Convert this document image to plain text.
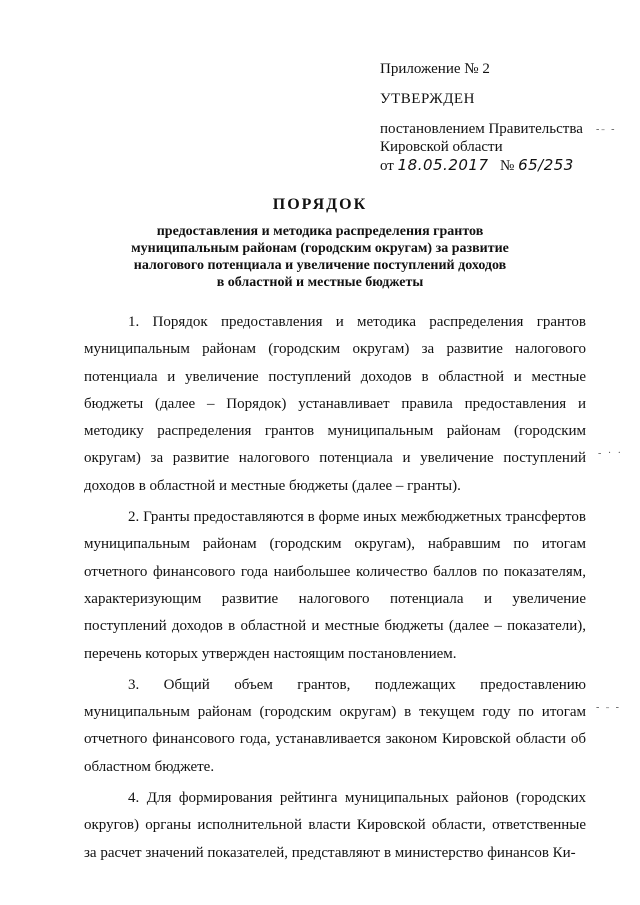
Приложение № 2

УТВЕРЖДЕН

постановлением Правительства

Кировской области

от 18.05.2017 № 65/253

-˗ -
- · ·
- ˗ -

ПОРЯДОК

предоставления и методика распределения грантов

муниципальным районам (городским округам) за развитие

налогового потенциала и увеличение поступлений доходов

в областной и местные бюджеты

1. Порядок предоставления и методика распределения грантов муниципальным районам (городским округам) за развитие налогового потенциала и увеличение поступлений доходов в областной и местные бюджеты (далее – Порядок) устанавливает правила предоставления и методику распределения грантов муниципальным районам (городским округам) за развитие налогового потенциала и увеличение поступлений доходов в областной и местные бюджеты (далее – гранты).

2. Гранты предоставляются в форме иных межбюджетных трансфертов муниципальным районам (городским округам), набравшим по итогам отчетного финансового года наибольшее количество баллов по показателям, характеризующим развитие налогового потенциала и увеличение поступлений доходов в областной и местные бюджеты (далее – показатели), перечень которых утвержден настоящим постановлением.

3. Общий объем грантов, подлежащих предоставлению муниципальным районам (городским округам) в текущем году по итогам отчетного финансового года, устанавливается законом Кировской области об областном бюджете.

4. Для формирования рейтинга муниципальных районов (городских округов) органы исполнительной власти Кировской области, ответственные за расчет значений показателей, представляют в министерство финансов Ки-
